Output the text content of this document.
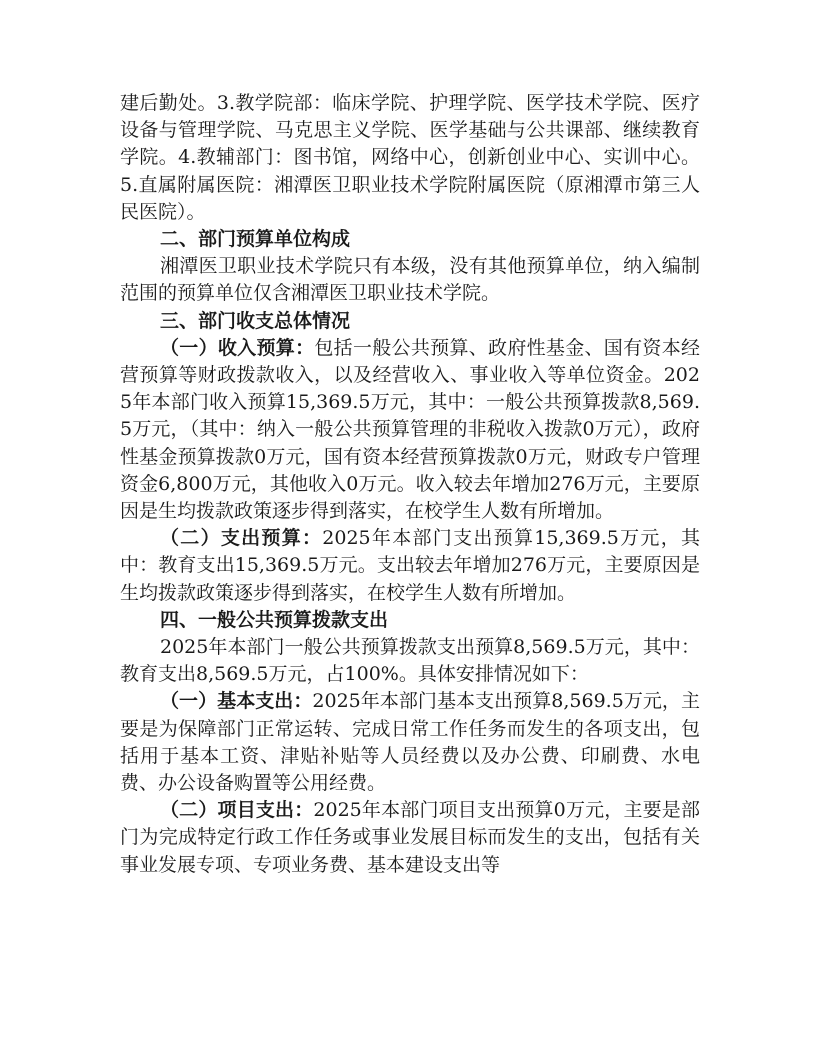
建后勤处。3.教学院部：临床学院、护理学院、医学技术学院、医疗设备与管理学院、马克思主义学院、医学基础与公共课部、继续教育学院。4.教辅部门：图书馆，网络中心，创新创业中心、实训中心。5.直属附属医院：湘潭医卫职业技术学院附属医院（原湘潭市第三人民医院）。

二、部门预算单位构成

湘潭医卫职业技术学院只有本级，没有其他预算单位，纳入编制范围的预算单位仅含湘潭医卫职业技术学院。

三、部门收支总体情况

（一）收入预算：包括一般公共预算、政府性基金、国有资本经营预算等财政拨款收入，以及经营收入、事业收入等单位资金。2025年本部门收入预算15,369.5万元，其中：一般公共预算拨款8,569.5万元，（其中：纳入一般公共预算管理的非税收入拨款0万元），政府性基金预算拨款0万元，国有资本经营预算拨款0万元，财政专户管理资金6,800万元，其他收入0万元。收入较去年增加276万元，主要原因是生均拨款政策逐步得到落实，在校学生人数有所增加。

（二）支出预算：2025年本部门支出预算15,369.5万元，其中：教育支出15,369.5万元。支出较去年增加276万元，主要原因是生均拨款政策逐步得到落实，在校学生人数有所增加。

四、一般公共预算拨款支出

2025年本部门一般公共预算拨款支出预算8,569.5万元，其中：教育支出8,569.5万元，占100%。具体安排情况如下：

（一）基本支出：2025年本部门基本支出预算8,569.5万元，主要是为保障部门正常运转、完成日常工作任务而发生的各项支出，包括用于基本工资、津贴补贴等人员经费以及办公费、印刷费、水电费、办公设备购置等公用经费。

（二）项目支出：2025年本部门项目支出预算0万元，主要是部门为完成特定行政工作任务或事业发展目标而发生的支出，包括有关事业发展专项、专项业务费、基本建设支出等
